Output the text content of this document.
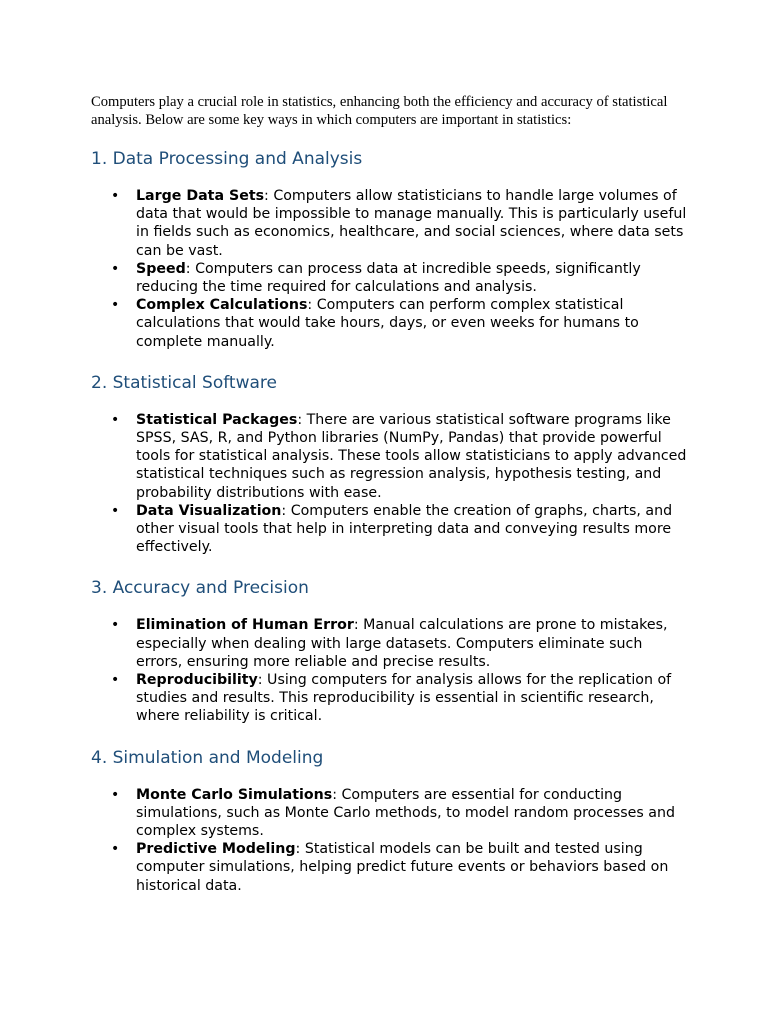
Computers play a crucial role in statistics, enhancing both the efficiency and accuracy of statistical analysis. Below are some key ways in which computers are important in statistics:

1. Data Processing and Analysis
• Large Data Sets: Computers allow statisticians to handle large volumes of data that would be impossible to manage manually. This is particularly useful in fields such as economics, healthcare, and social sciences, where data sets can be vast.
• Speed: Computers can process data at incredible speeds, significantly reducing the time required for calculations and analysis.
• Complex Calculations: Computers can perform complex statistical calculations that would take hours, days, or even weeks for humans to complete manually.
2. Statistical Software
• Statistical Packages: There are various statistical software programs like SPSS, SAS, R, and Python libraries (NumPy, Pandas) that provide powerful tools for statistical analysis. These tools allow statisticians to apply advanced statistical techniques such as regression analysis, hypothesis testing, and probability distributions with ease.
• Data Visualization: Computers enable the creation of graphs, charts, and other visual tools that help in interpreting data and conveying results more effectively.
3. Accuracy and Precision
• Elimination of Human Error: Manual calculations are prone to mistakes, especially when dealing with large datasets. Computers eliminate such errors, ensuring more reliable and precise results.
• Reproducibility: Using computers for analysis allows for the replication of studies and results. This reproducibility is essential in scientific research, where reliability is critical.
4. Simulation and Modeling
• Monte Carlo Simulations: Computers are essential for conducting simulations, such as Monte Carlo methods, to model random processes and complex systems.
• Predictive Modeling: Statistical models can be built and tested using computer simulations, helping predict future events or behaviors based on historical data.
